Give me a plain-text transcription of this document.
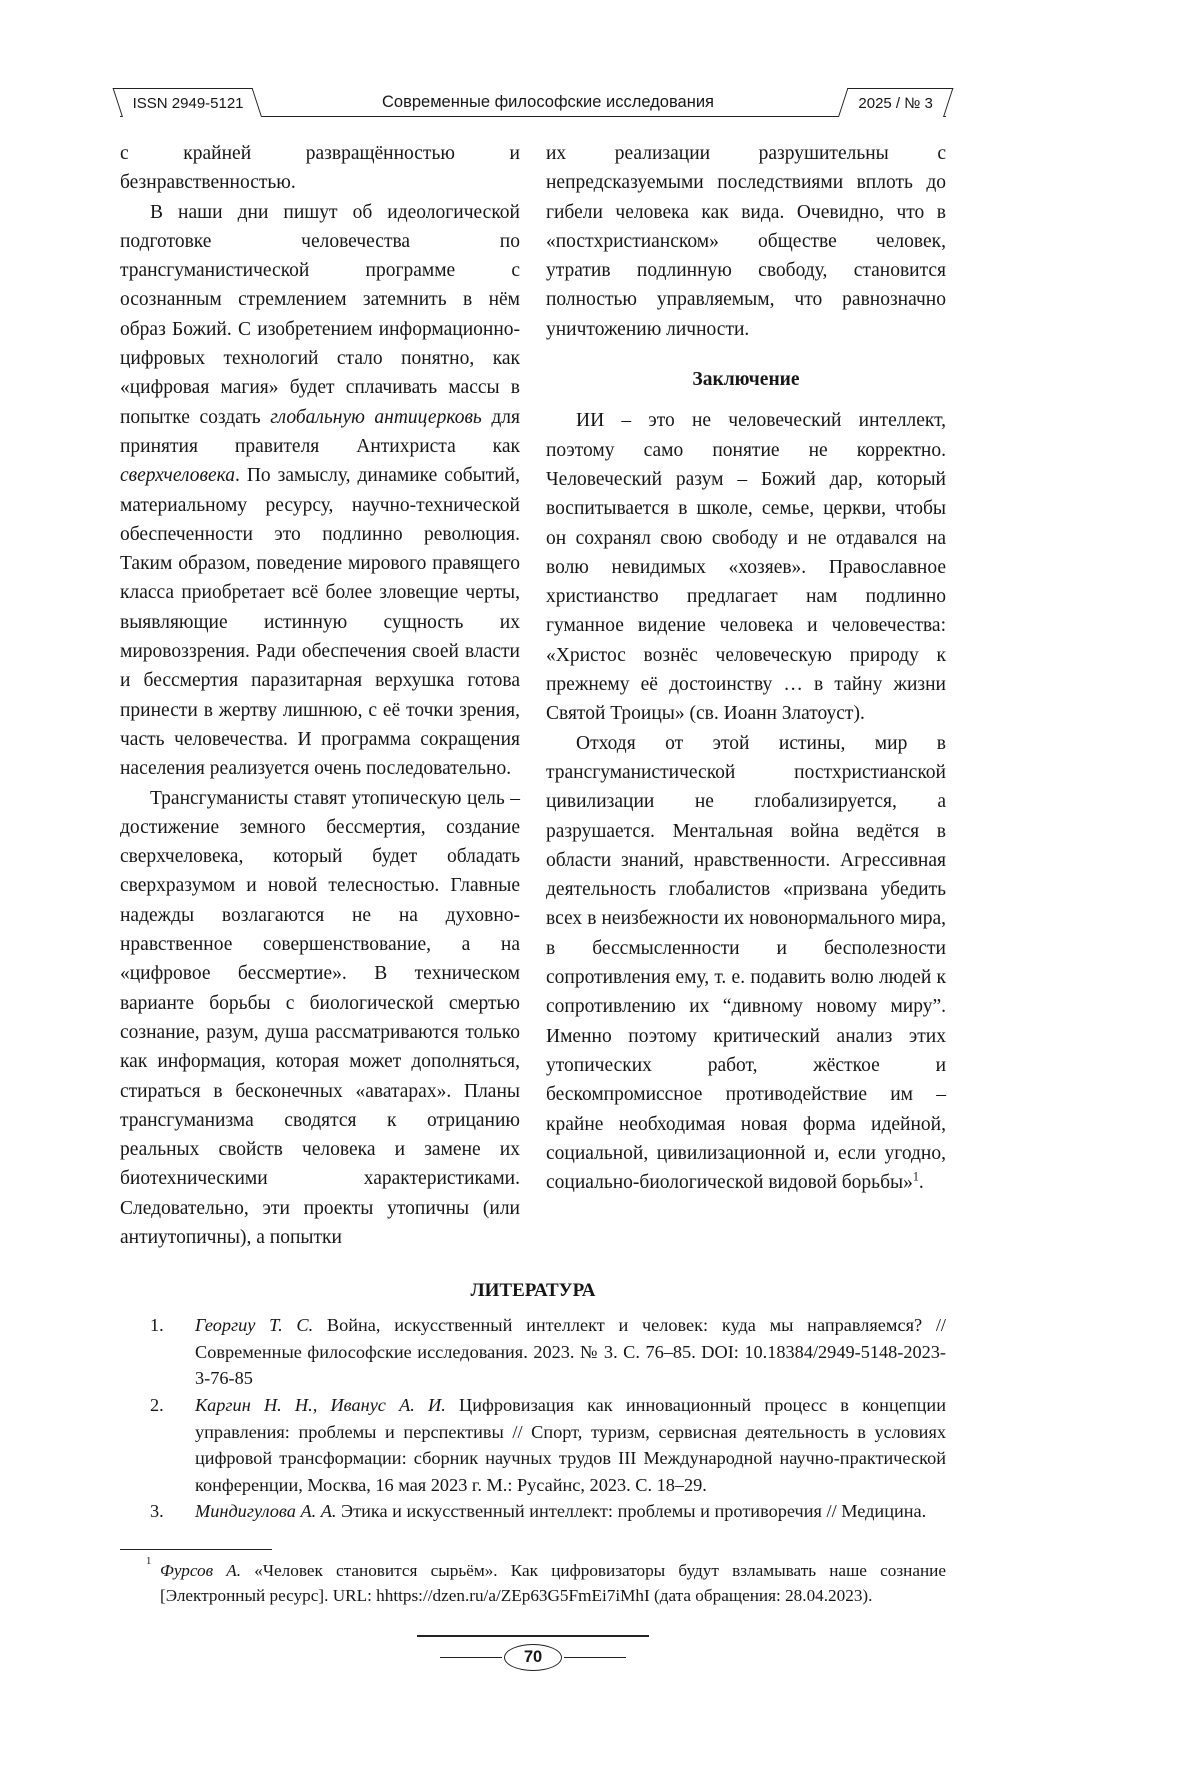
ISSN 2949-5121	Современные философские исследования	2025 / № 3
с крайней развращённостью и безнравственностью.
В наши дни пишут об идеологической подготовке человечества по трансгуманистической программе с осознанным стремлением затемнить в нём образ Божий. С изобретением информационно-цифровых технологий стало понятно, как «цифровая магия» будет сплачивать массы в попытке создать глобальную антицерковь для принятия правителя Антихриста как сверхчеловека. По замыслу, динамике событий, материальному ресурсу, научно-технической обеспеченности это подлинно революция. Таким образом, поведение мирового правящего класса приобретает всё более зловещие черты, выявляющие истинную сущность их мировоззрения. Ради обеспечения своей власти и бессмертия паразитарная верхушка готова принести в жертву лишнюю, с её точки зрения, часть человечества. И программа сокращения населения реализуется очень последовательно.
Трансгуманисты ставят утопическую цель – достижение земного бессмертия, создание сверхчеловека, который будет обладать сверхразумом и новой телесностью. Главные надежды возлагаются не на духовно-нравственное совершенствование, а на «цифровое бессмертие». В техническом варианте борьбы с биологической смертью сознание, разум, душа рассматриваются только как информация, которая может дополняться, стираться в бесконечных «аватарах». Планы трансгуманизма сводятся к отрицанию реальных свойств человека и замене их биотехническими характеристиками. Следовательно, эти проекты утопичны (или антиутопичны), а попытки
их реализации разрушительны с непредсказуемыми последствиями вплоть до гибели человека как вида. Очевидно, что в «постхристианском» обществе человек, утратив подлинную свободу, становится полностью управляемым, что равнозначно уничтожению личности.
Заключение
ИИ – это не человеческий интеллект, поэтому само понятие не корректно. Человеческий разум – Божий дар, который воспитывается в школе, семье, церкви, чтобы он сохранял свою свободу и не отдавался на волю невидимых «хозяев». Православное христианство предлагает нам подлинно гуманное видение человека и человечества: «Христос вознёс человеческую природу к прежнему её достоинству … в тайну жизни Святой Троицы» (св. Иоанн Златоуст).
Отходя от этой истины, мир в трансгуманистической постхристианской цивилизации не глобализируется, а разрушается. Ментальная война ведётся в области знаний, нравственности. Агрессивная деятельность глобалистов «призвана убедить всех в неизбежности их новонормального мира, в бессмысленности и бесполезности сопротивления ему, т. е. подавить волю людей к сопротивлению их “дивному новому миру”. Именно поэтому критический анализ этих утопических работ, жёсткое и бескомпромиссное противодействие им – крайне необходимая новая форма идейной, социальной, цивилизационной и, если угодно, социально-биологической видовой борьбы»$^1$.
ЛИТЕРАТУРА
1. Георгиу Т. С. Война, искусственный интеллект и человек: куда мы направляемся? // Современные философские исследования. 2023. № 3. С. 76–85. DOI: 10.18384/2949-5148-2023-3-76-85
2. Каргин Н. Н., Иванус А. И. Цифровизация как инновационный процесс в концепции управления: проблемы и перспективы // Спорт, туризм, сервисная деятельность в условиях цифровой трансформации: сборник научных трудов III Международной научно-практической конференции, Москва, 16 мая 2023 г. М.: Русайнс, 2023. С. 18–29.
3. Миндигулова А. А. Этика и искусственный интеллект: проблемы и противоречия // Медицина.
1 Фурсов А. «Человек становится сырьём». Как цифровизаторы будут взламывать наше сознание [Электронный ресурс]. URL: hhttps://dzen.ru/a/ZEp63G5FmEi7iMhI (дата обращения: 28.04.2023).
70
